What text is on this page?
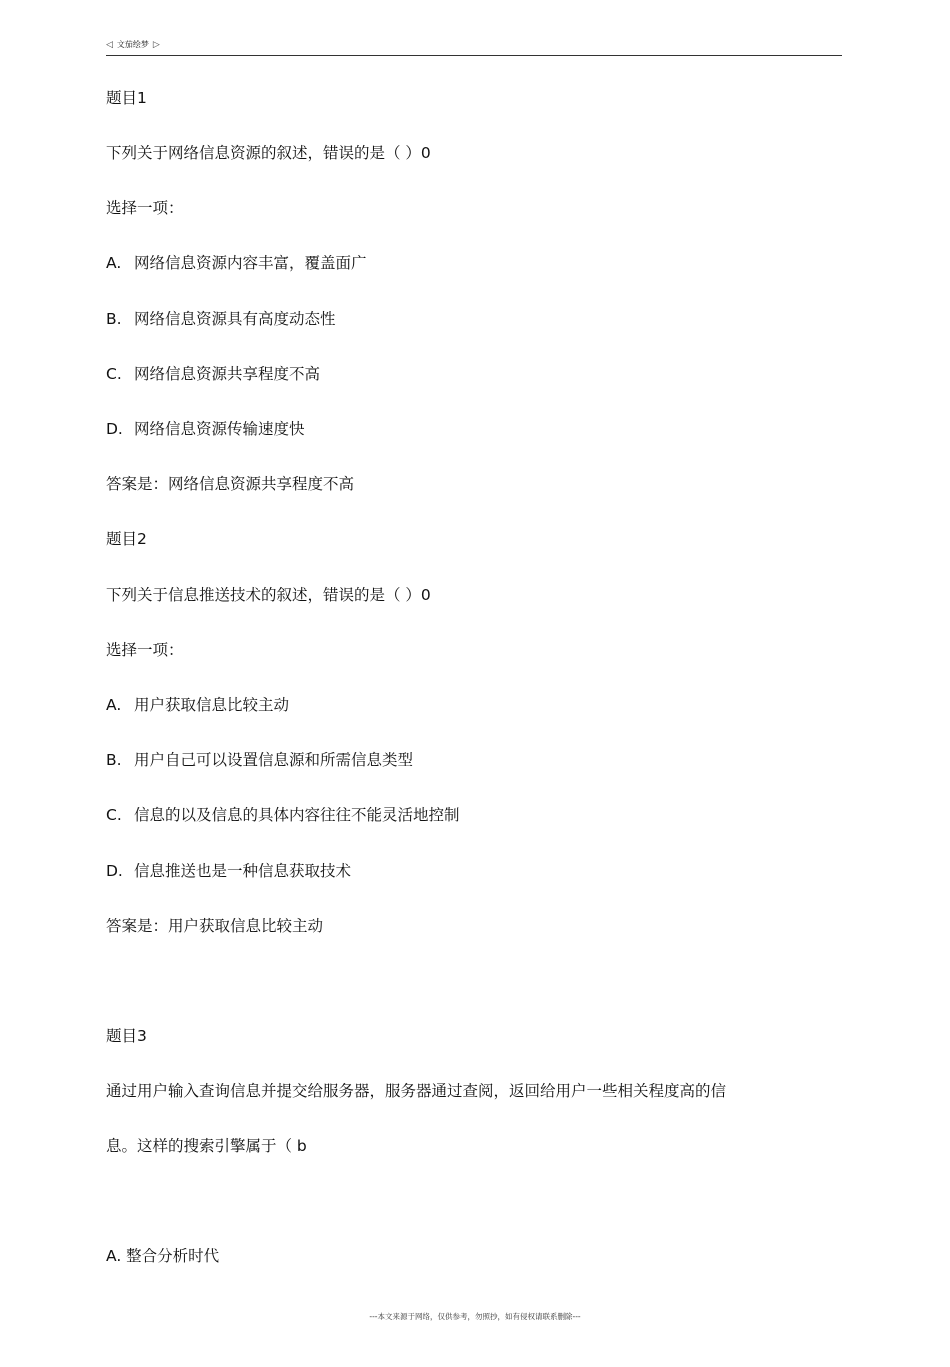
◁ 文茄绘梦 ▷
题目1
下列关于网络信息资源的叙述，错误的是（ ）0
选择一项：
A. 网络信息资源内容丰富，覆盖面广
B. 网络信息资源具有高度动态性
C. 网络信息资源共享程度不高
D. 网络信息资源传输速度快
答案是：网络信息资源共享程度不高
题目2
下列关于信息推送技术的叙述，错误的是（ ）0
选择一项：
A. 用户获取信息比较主动
B. 用户自己可以设置信息源和所需信息类型
C. 信息的以及信息的具体内容往往不能灵活地控制
D. 信息推送也是一种信息获取技术
答案是：用户获取信息比较主动
题目3
通过用户输入查询信息并提交给服务器，服务器通过查阅，返回给用户一些相关程度高的信
息。这样的搜索引擎属于（ b
A. 整合分析时代
---本文来源于网络，仅供参考，勿照抄，如有侵权请联系删除---
